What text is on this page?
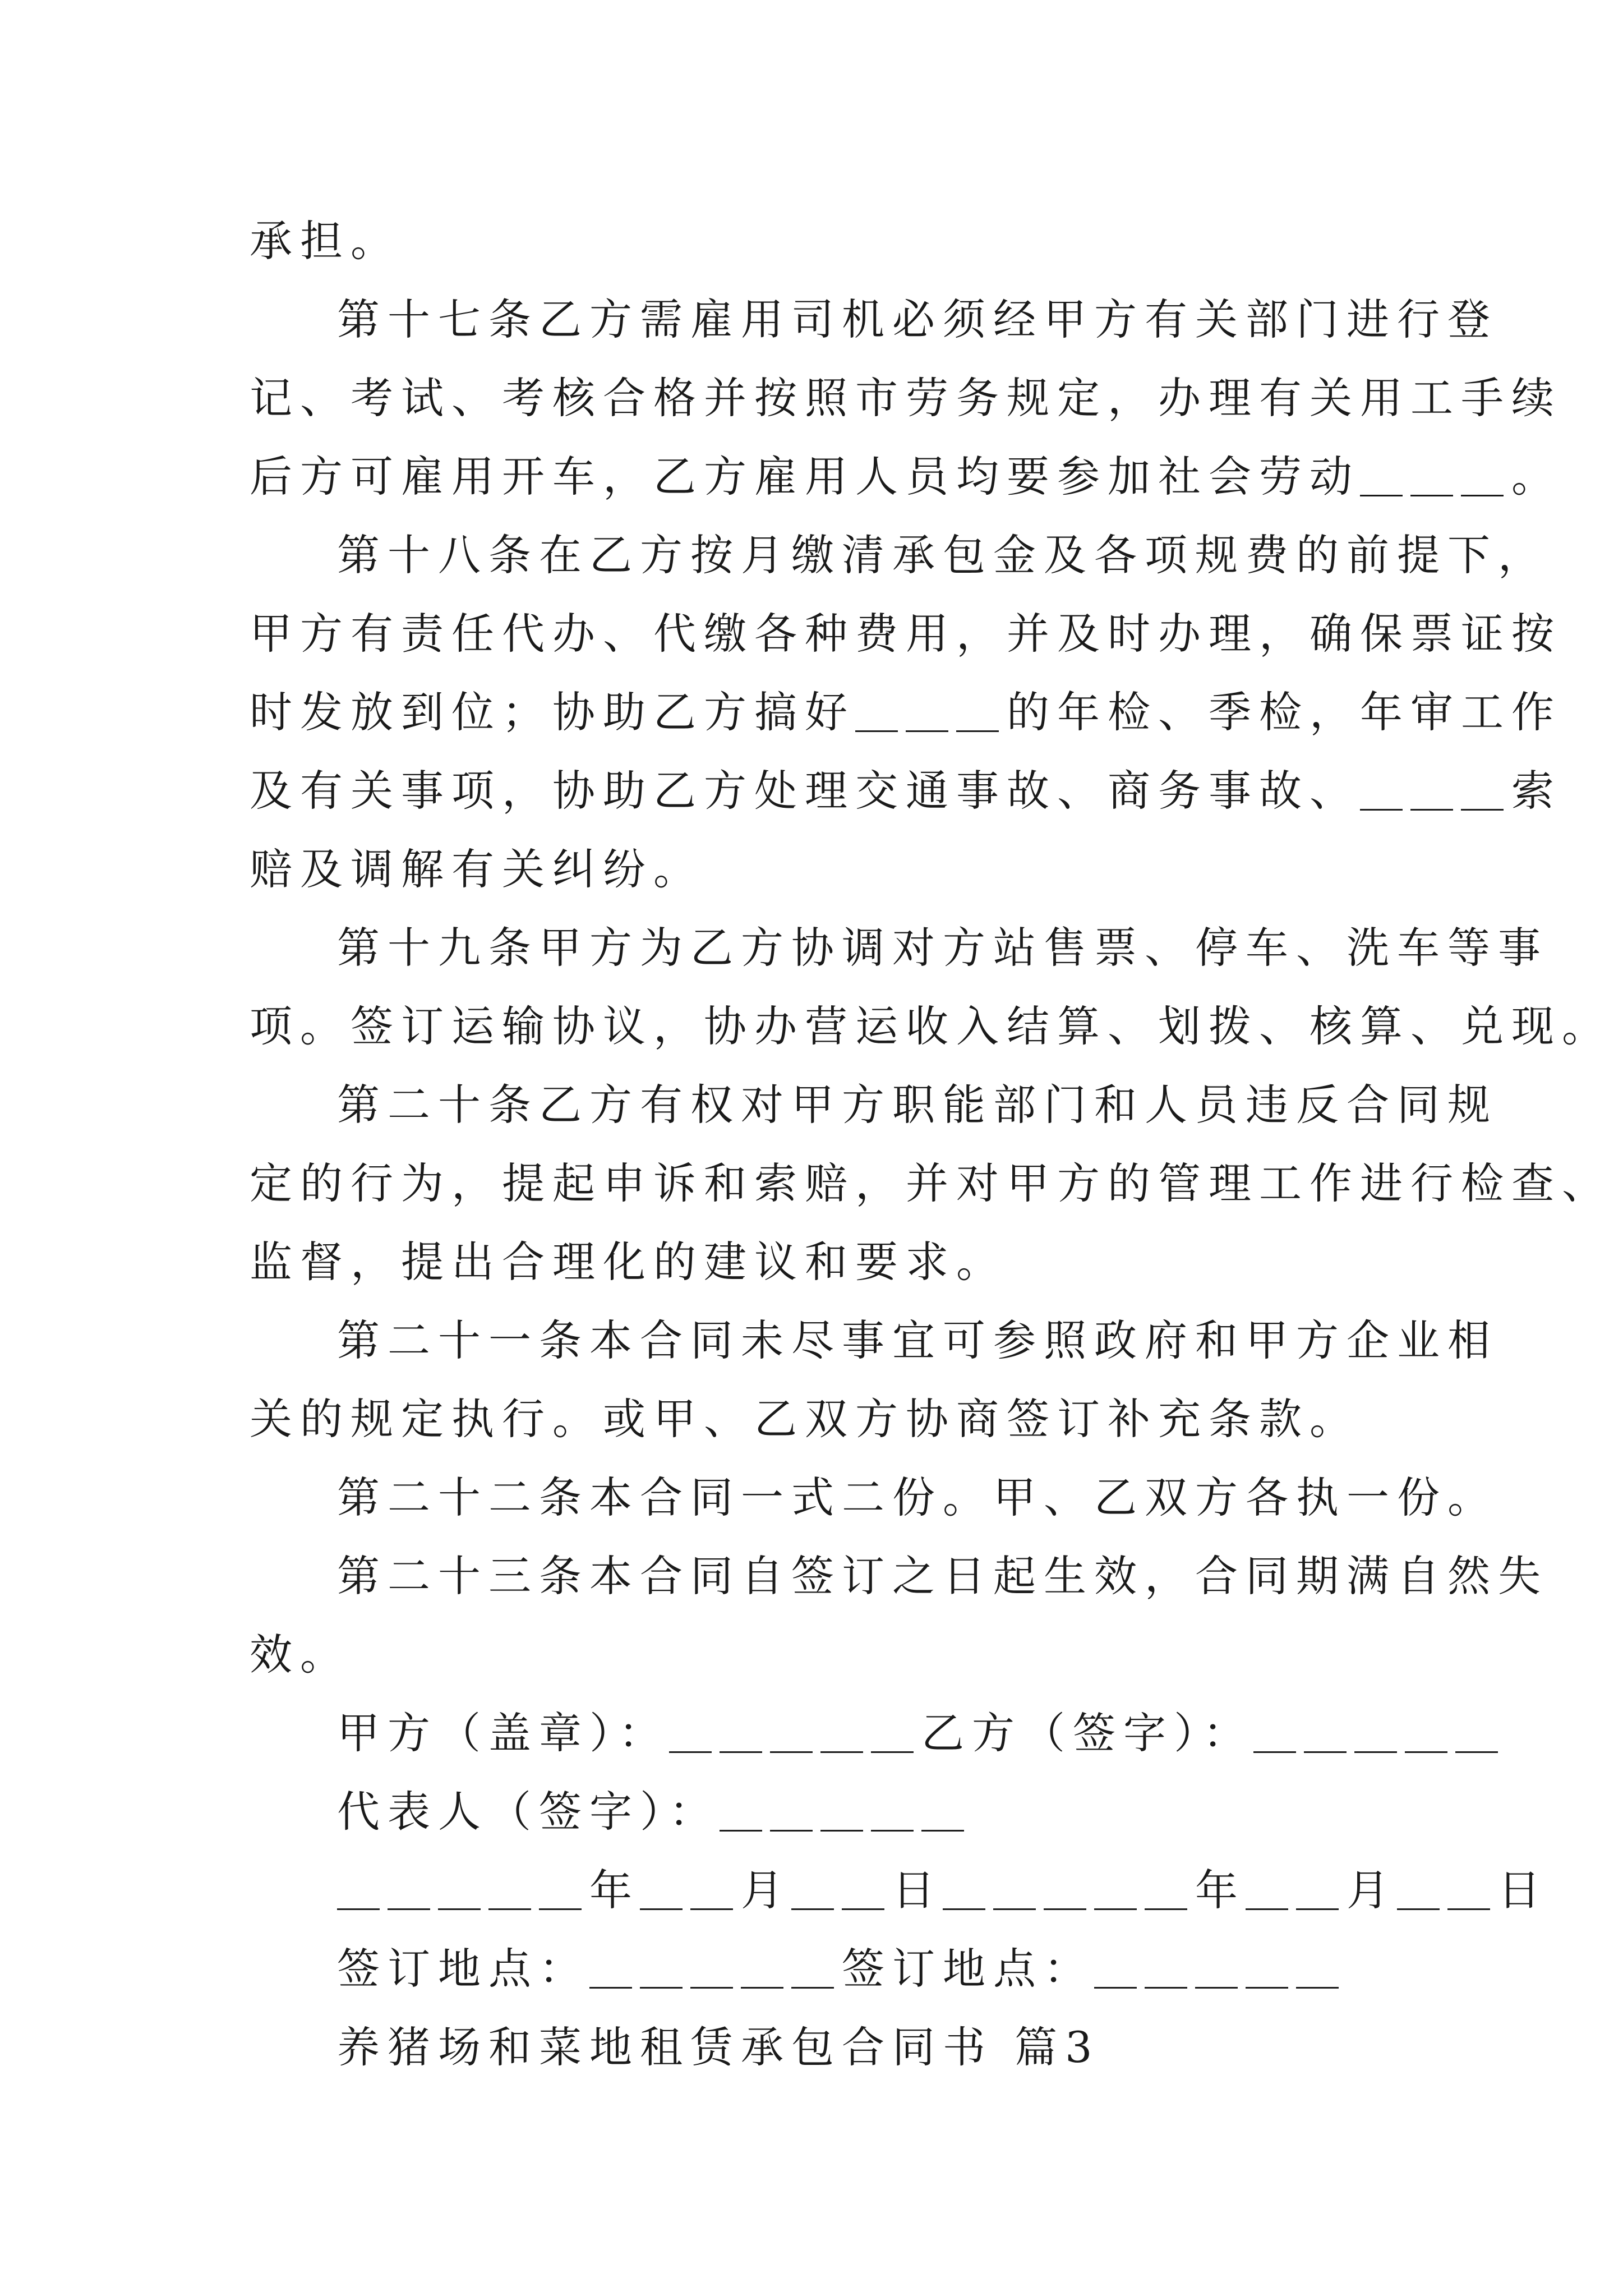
承担。
第十七条乙方需雇用司机必须经甲方有关部门进行登
记、考试、考核合格并按照市劳务规定，办理有关用工手续
后方可雇用开车，乙方雇用人员均要参加社会劳动＿＿＿。
第十八条在乙方按月缴清承包金及各项规费的前提下，
甲方有责任代办、代缴各种费用，并及时办理，确保票证按
时发放到位；协助乙方搞好＿＿＿的年检、季检，年审工作
及有关事项，协助乙方处理交通事故、商务事故、＿＿＿索
赔及调解有关纠纷。
第十九条甲方为乙方协调对方站售票、停车、洗车等事
项。签订运输协议，协办营运收入结算、划拨、核算、兑现。
第二十条乙方有权对甲方职能部门和人员违反合同规
定的行为，提起申诉和索赔，并对甲方的管理工作进行检查、
监督，提出合理化的建议和要求。
第二十一条本合同未尽事宜可参照政府和甲方企业相
关的规定执行。或甲、乙双方协商签订补充条款。
第二十二条本合同一式二份。甲、乙双方各执一份。
第二十三条本合同自签订之日起生效，合同期满自然失
效。
甲方（盖章）：＿＿＿＿＿乙方（签字）：＿＿＿＿＿
代表人（签字）：＿＿＿＿＿
＿＿＿＿＿年＿＿月＿＿日＿＿＿＿＿年＿＿月＿＿日
签订地点：＿＿＿＿＿签订地点：＿＿＿＿＿
养猪场和菜地租赁承包合同书 篇3
